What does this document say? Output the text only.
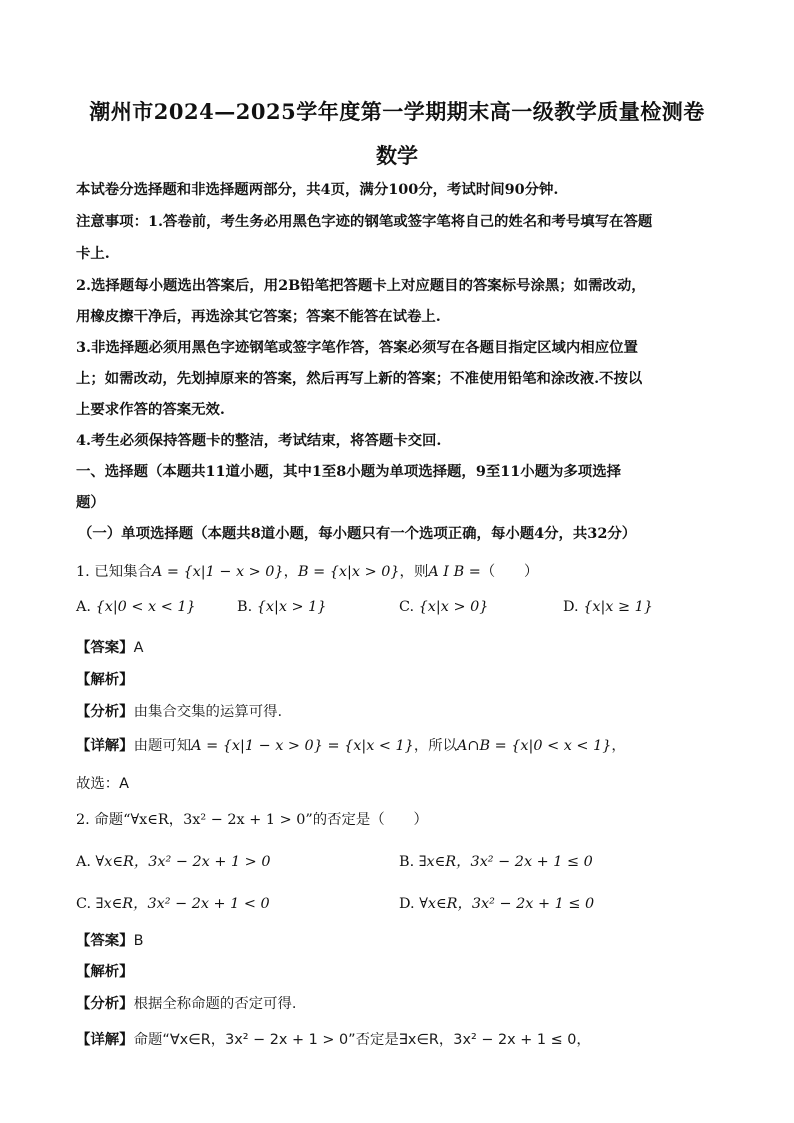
潮州市2024—2025学年度第一学期期末高一级教学质量检测卷
数学
本试卷分选择题和非选择题两部分，共4页，满分100分，考试时间90分钟.
注意事项：1.答卷前，考生务必用黑色字迹的钢笔或签字笔将自己的姓名和考号填写在答题
卡上.
2.选择题每小题选出答案后，用2B铅笔把答题卡上对应题目的答案标号涂黑；如需改动，
用橡皮擦干净后，再选涂其它答案；答案不能答在试卷上.
3.非选择题必须用黑色字迹钢笔或签字笔作答，答案必须写在各题目指定区域内相应位置
上；如需改动，先划掉原来的答案，然后再写上新的答案；不准使用铅笔和涂改液.不按以
上要求作答的答案无效.
4.考生必须保持答题卡的整洁，考试结束，将答题卡交回.
一、选择题（本题共11道小题，其中1至8小题为单项选择题，9至11小题为多项选择
题）
（一）单项选择题（本题共8道小题，每小题只有一个选项正确，每小题4分，共32分）
1. 已知集合A = {x|1 − x > 0}，B = {x|x > 0}，则A I B =（　　）
A. {x|0 < x < 1}	B. {x|x > 1}	C. {x|x > 0}	D. {x|x ≥ 1}
【答案】A
【解析】
【分析】由集合交集的运算可得.
【详解】由题可知A = {x|1 − x > 0} = {x|x < 1}，所以A∩B = {x|0 < x < 1}，
故选：A
2. 命题“∀x∈R，3x² − 2x + 1 > 0”的否定是（　　）
A. ∀x∈R，3x² − 2x + 1 > 0	B. ∃x∈R，3x² − 2x + 1 ≤ 0
C. ∃x∈R，3x² − 2x + 1 < 0	D. ∀x∈R，3x² − 2x + 1 ≤ 0
【答案】B
【解析】
【分析】根据全称命题的否定可得.
【详解】命题“∀x∈R，3x² − 2x + 1 > 0”否定是∃x∈R，3x² − 2x + 1 ≤ 0，
